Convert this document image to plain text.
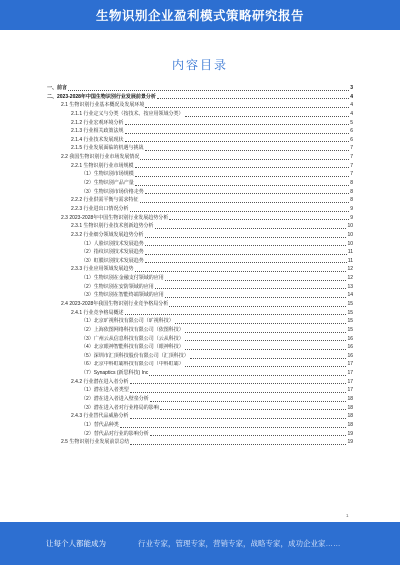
生物识别企业盈利模式策略研究报告
内容目录
一、前言	3
二、2023-2028年中国生物识别行业发展前景分析	4
2.1 生物识别行业基本概况及发展环境	4
2.1.1 行业定义与分类（按技术、按应用领域分类）	4
2.1.2 行业宏观环境分析	5
2.1.3 行业相关政策法规	6
2.1.4 行业技术发展现状	6
2.1.5 行业发展面临的机遇与挑战	7
2.2 我国生物识别行业市场发展情况	7
2.2.1 生物识别行业市场规模	7
（1）生物识别市场规模	7
（2）生物识别产品产量	8
（3）生物识别市场价格走势	8
2.2.2 行业供需平衡与需求特征	8
2.2.3 行业进出口情况分析	9
2.3 2023-2028年中国生物识别行业发展趋势分析	9
2.3.1 生物识别行业技术创新趋势分析	10
2.3.2 行业细分领域发展趋势分析	10
（1）人脸识别技术发展趋势	10
（2）指纹识别技术发展趋势	11
（3）虹膜识别技术发展趋势	11
2.3.3 行业应用领域发展趋势	12
（1）生物识别在金融支付领域的应用	12
（2）生物识别在安防领域的应用	13
（3）生物识别在智能终端领域的应用	14
2.4 2023-2028年我国生物识别行业竞争格局分析	15
2.4.1 行业竞争格局概述	15
（1）北京旷视科技有限公司（旷视科技）	15
（2）上海依图网络科技有限公司（依图科技）	15
（3）广州云从信息科技有限公司（云从科技）	16
（4）北京眼神智能科技有限公司（眼神科技）	16
（5）深圳市汇顶科技股份有限公司（汇顶科技）	16
（6）北京中科虹霸科技有限公司（中科虹霸）	17
（7）Synaptics (新思科技) Inc	17
2.4.2 行业潜在进入者分析	17
（1）潜在进入者类型	17
（2）潜在进入者进入壁垒分析	18
（3）潜在进入者对行业格局的影响	18
2.4.3 行业替代品威胁分析	18
（1）替代品种类	18
（2）替代品对行业的影响分析	19
2.5 生物识别行业发展前景总结	19
1
让每个人都能成为	行业专家，管理专家，营销专家，战略专家，成功企业家……
